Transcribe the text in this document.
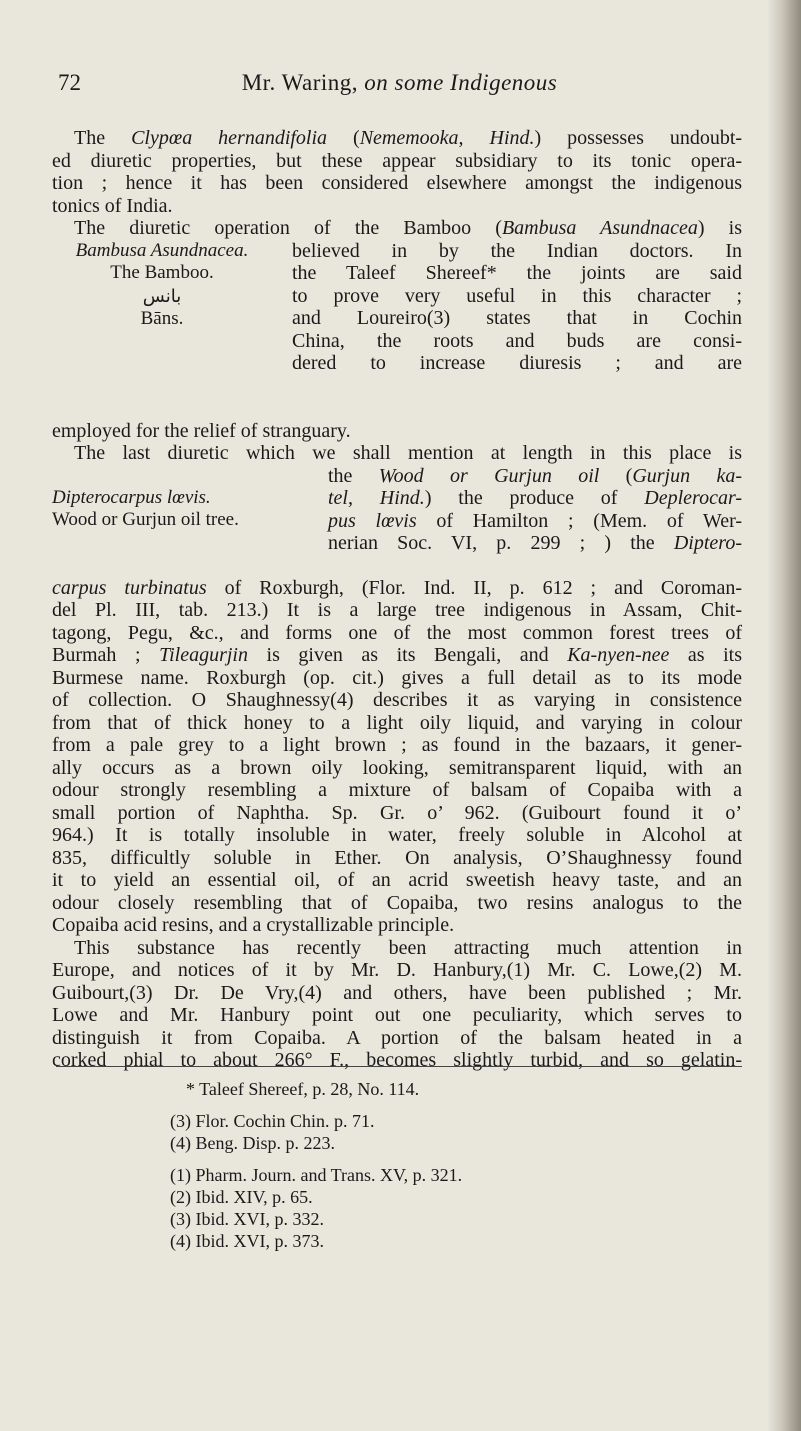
72	Mr. Waring, on some Indigenous

The Clypœa hernandifolia (Nememooka, Hind.) possesses undoubt-
ed diuretic properties, but these appear subsidiary to its tonic opera-
tion ; hence it has been considered elsewhere amongst the indigenous
tonics of India.

The diuretic operation of the Bamboo (Bambusa Asundnacea) is

Bambusa Asundnacea.
The Bamboo.
بانس
Bāns.
believed in by the Indian doctors. In
the Taleef Shereef* the joints are said
to prove very useful in this character ;
and Loureiro(3) states that in Cochin
China, the roots and buds are consi-
dered to increase diuresis ; and are

employed for the relief of stranguary.

The last diuretic which we shall mention at length in this place is

Dipterocarpus lœvis.
Wood or Gurjun oil tree.
the Wood or Gurjun oil (Gurjun ka-
tel, Hind.) the produce of Deplerocar-
pus lœvis of Hamilton ; (Mem. of Wer-
nerian Soc. VI, p. 299 ; ) the Diptero-

carpus turbinatus of Roxburgh, (Flor. Ind. II, p. 612 ; and Coroman-
del Pl. III, tab. 213.) It is a large tree indigenous in Assam, Chit-
tagong, Pegu, &c., and forms one of the most common forest trees of
Burmah ; Tileagurjin is given as its Bengali, and Ka-nyen-nee as its
Burmese name. Roxburgh (op. cit.) gives a full detail as to its mode
of collection. O Shaughnessy(4) describes it as varying in consistence
from that of thick honey to a light oily liquid, and varying in colour
from a pale grey to a light brown ; as found in the bazaars, it gener-
ally occurs as a brown oily looking, semitransparent liquid, with an
odour strongly resembling a mixture of balsam of Copaiba with a
small portion of Naphtha. Sp. Gr. o’ 962. (Guibourt found it o’
964.) It is totally insoluble in water, freely soluble in Alcohol at
835, difficultly soluble in Ether. On analysis, O’Shaughnessy found
it to yield an essential oil, of an acrid sweetish heavy taste, and an
odour closely resembling that of Copaiba, two resins analogus to the
Copaiba acid resins, and a crystallizable principle.

This substance has recently been attracting much attention in
Europe, and notices of it by Mr. D. Hanbury,(1) Mr. C. Lowe,(2) M.
Guibourt,(3) Dr. De Vry,(4) and others, have been published ; Mr.
Lowe and Mr. Hanbury point out one peculiarity, which serves to
distinguish it from Copaiba. A portion of the balsam heated in a
corked phial to about 266° F., becomes slightly turbid, and so gelatin-

* Taleef Shereef, p. 28, No. 114.
(3) Flor. Cochin Chin. p. 71.
(4) Beng. Disp. p. 223.
(1) Pharm. Journ. and Trans. XV, p. 321.
(2) Ibid. XIV, p. 65.
(3) Ibid. XVI, p. 332.
(4) Ibid. XVI, p. 373.
